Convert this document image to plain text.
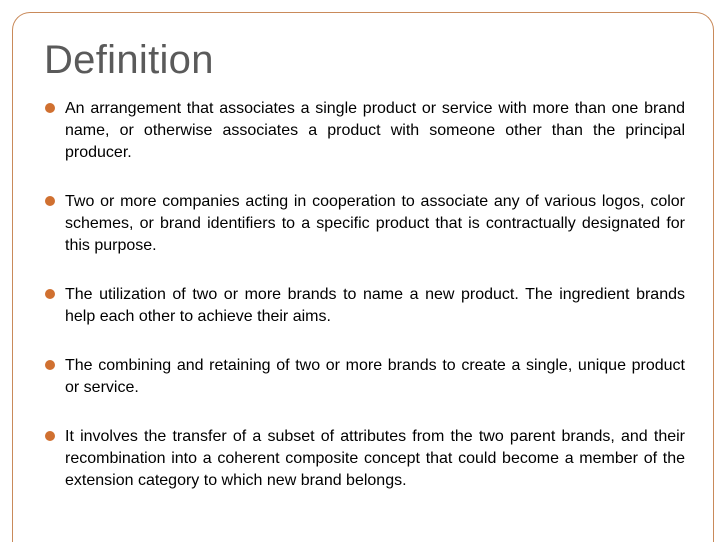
Definition
An arrangement that associates a single product or service with more than one brand name, or otherwise associates a product with someone other than the principal producer.
Two or more companies acting in cooperation to associate any of various logos, color schemes, or brand identifiers to a specific product that is contractually designated for this purpose.
The utilization of two or more brands to name a new product. The ingredient brands help each other to achieve their aims.
The combining and retaining of two or more brands to create a single, unique product or service.
It involves the transfer of a subset of attributes from the two parent brands, and their recombination into a coherent composite concept that could become a member of the extension category to which new brand belongs.
